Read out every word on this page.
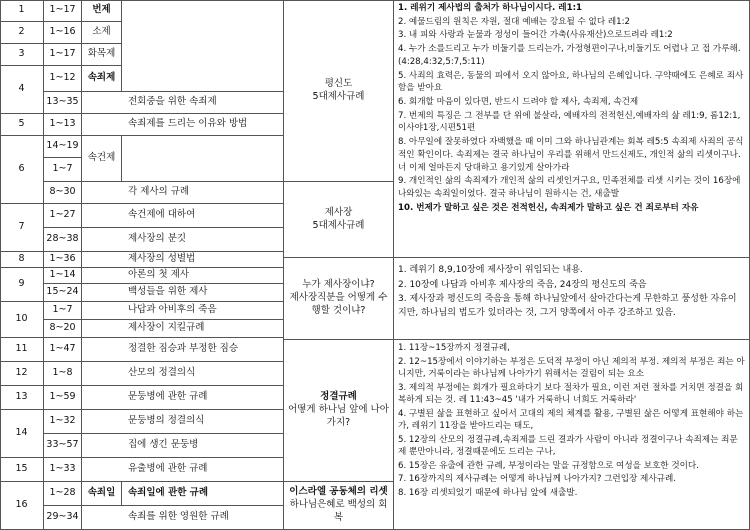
1
2
3
4
5
6
7
8
9
10
11
12
13
14
15
16
1~17
1~16
1~17
1~12
13~35
1~13
14~19
1~7
8~30
1~27
28~38
1~36
1~14
15~24
1~7
8~20
1~47
1~8
1~59
1~32
33~57
1~33
1~28
29~34
번제
소제
화목제
속죄제
속건제
속죄일
전회중을 위한 속죄제
속죄제를 드리는 이유와 방법
각 제사의 규례
속건제에 대하여
제사장의 분깃
제사장의 성별법
아론의 첫 제사
백성들을 위한 제사
나답과 아비후의 죽음
제사장이 지킬규례
정결한 짐승과 부정한 짐승
산모의 정결의식
문둥병에 관한 규례
문둥병의 정결의식
집에 생긴 문둥병
유출병에 관한 규례
속죄일에 관한 규례
속죄를 위한 영원한 규례
평신도
5대제사규례
제사장
5대제사규례
누가 제사장이냐?
제사장직분을 어떻게 수행할 것이냐?
정결규례
어떻게 하나님 앞에 나아가지?
이스라엘 공동체의 리셋
하나님은혜로 백성의 회복

1. 레위기 제사법의 출처가 하나님이시다. 레1:1

2. 예물드림의 원칙은 자원, 절대 예배는 강요될 수 없다 레1:2

3. 내 피와 사랑과 눈물과 정성이 들어간 가축(사유재산)으로드려라 레1:2

4. 누가 소를드리고 누가 비둘기를 드리는가, 가정형편이구나,비둘기도 어렵나 고 접 가루해. (4:28,4:32,5:7,5:11)

5. 사죄의 효력은, 동물의 피에서 오지 않아요, 하나님의 은혜입니다. 구약때에도 은혜로 죄사함을 받아요

6. 회개할 마음이 있다면, 반드시 드려야 할 제사, 속죄제, 속건제

7. 번제의 특징은 그 전부를 단 위에 불살라, 예배자의 전적헌신,예배자의 삶 레1:9, 롬12:1,이사야1장,시편51편

8. 아무일에 잘못하였다 자백했을 때 이미 그와 하나님관계는 회복 레5:5 속죄제 사죄의 공식적인 확인이다. 속죄제는 결국 하나님이 우리를 위해서 만드신제도, 개인적 삶의 리셋이구나. 너 이제 얼마든지 당대하고 용기있게 살아가라

9. 개인적인 삶의 속죄제가 개인적 삶의 리셋인거구요, 민족전체를 리셋 시키는 것이 16장에 나와있는 속죄일이었다. 결국 하나님이 원하시는 건, 새출발

10. 번제가 말하고 싶은 것은 전적헌신, 속죄제가 말하고 싶은 건 죄로부터 자유

1. 레위기 8,9,10장에 제사장이 위임되는 내용.

2. 10장에 나답과 아비후 제사장의 죽음, 24장의 평신도의 죽음

3. 제사장과 평신도의 죽음을 통해 하나님앞에서 살아간다는게 무한하고 풍성한 자유이지만, 하나님의 법도가 있더라는 것, 그거 양쪽에서 아주 강조하고 있음.

1. 11장~15장까지 정결규례,

2. 12~15장에서 이야기하는 부정은 도덕적 부정이 아닌 제의적 부정. 제의적 부정은 죄는 아니지만, 거룩이라는 하나님께 나아가기 위해서는 걸림이 되는 요소

3. 제의적 부정에는 회개가 필요하다기 보다 절차가 필요, 이런 저런 절차를 거치면 정결을 회복하게 되는 것. 레 11:43~45 '내가 거룩하니 너희도 거룩하라'

4. 구별된 삶을 표현하고 싶어서 고대의 제의 체계를 활용, 구별된 삶은 어떻게 표현해야 하는가, 레위기 11장을 받아드리는 태도,

5. 12장의 산모의 정결규례,속죄제를 드린 결과가 사람이 아니라 정결이구나 속죄제는 죄문제 뿐만아니라, 정결때문에도 드리는 구나,

6. 15장은 유출에 관한 규례, 부정이라는 말을 규정함으로 여성을 보호한 것이다.

7. 16장까지의 제사규례는 어떻게 하나님께 나아가지? 그런입장 제사규례.

8. 16장 리셋되었기 때문에 하나님 앞에 새출발.
